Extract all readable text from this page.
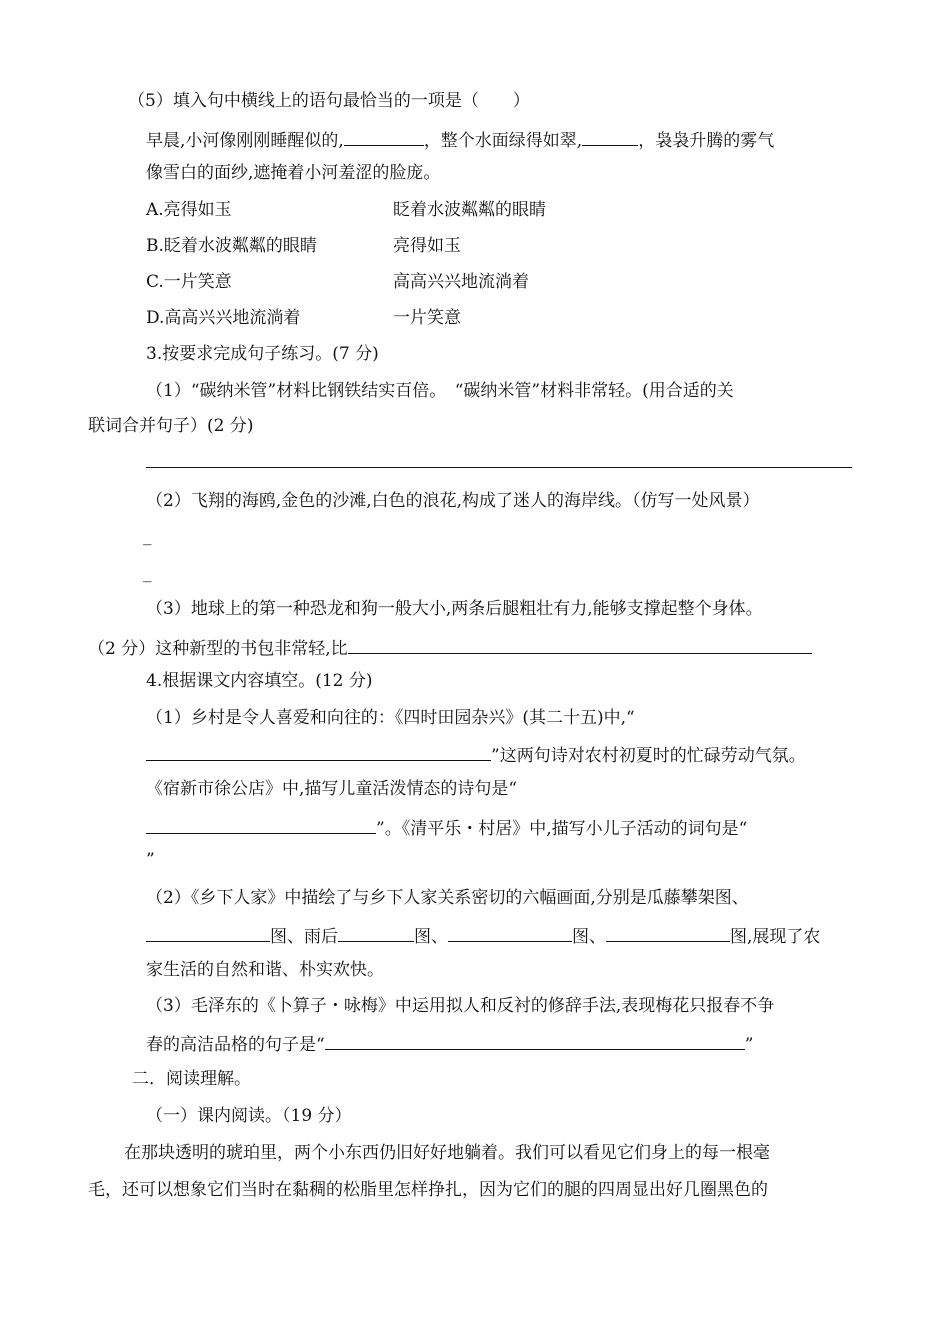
（5）填入句中横线上的语句最恰当的一项是（　　）
早晨,小河像刚刚睡醒似的,	，整个水面绿得如翠,	，袅袅升腾的雾气
像雪白的面纱,遮掩着小河羞涩的脸庞。
A.亮得如玉	眨着水波粼粼的眼睛
B.眨着水波粼粼的眼睛	亮得如玉
C.一片笑意	高高兴兴地流淌着
D.高高兴兴地流淌着	一片笑意
3.按要求完成句子练习。(7 分)
（1）“碳纳米管”材料比钢铁结实百倍。　“碳纳米管”材料非常轻。(用合适的关
联词合并句子）(2 分)
（2）飞翔的海鸥,金色的沙滩,白色的浪花,构成了迷人的海岸线。（仿写一处风景）
_
_
（3）地球上的第一种恐龙和狗一般大小,两条后腿粗壮有力,能够支撑起整个身体。
（2 分）这种新型的书包非常轻,比
4.根据课文内容填空。(12 分)
（1）乡村是令人喜爱和向往的：《四时田园杂兴》(其二十五)中,“
”这两句诗对农村初夏时的忙碌劳动气氛。
《宿新市徐公店》中,描写儿童活泼情态的诗句是“
”。《清平乐・村居》中,描写小儿子活动的词句是“
”
（2）《乡下人家》中描绘了与乡下人家关系密切的六幅画面,分别是瓜藤攀架图、
图、雨后	图、	图、	图,展现了农
家生活的自然和谐、朴实欢快。
（3）毛泽东的《卜算子・咏梅》中运用拟人和反衬的修辞手法,表现梅花只报春不争
春的高洁品格的句子是“	”
二．阅读理解。
（一）课内阅读。（19 分）
在那块透明的琥珀里，两个小东西仍旧好好地躺着。我们可以看见它们身上的每一根毫
毛，还可以想象它们当时在黏稠的松脂里怎样挣扎，因为它们的腿的四周显出好几圈黑色的
